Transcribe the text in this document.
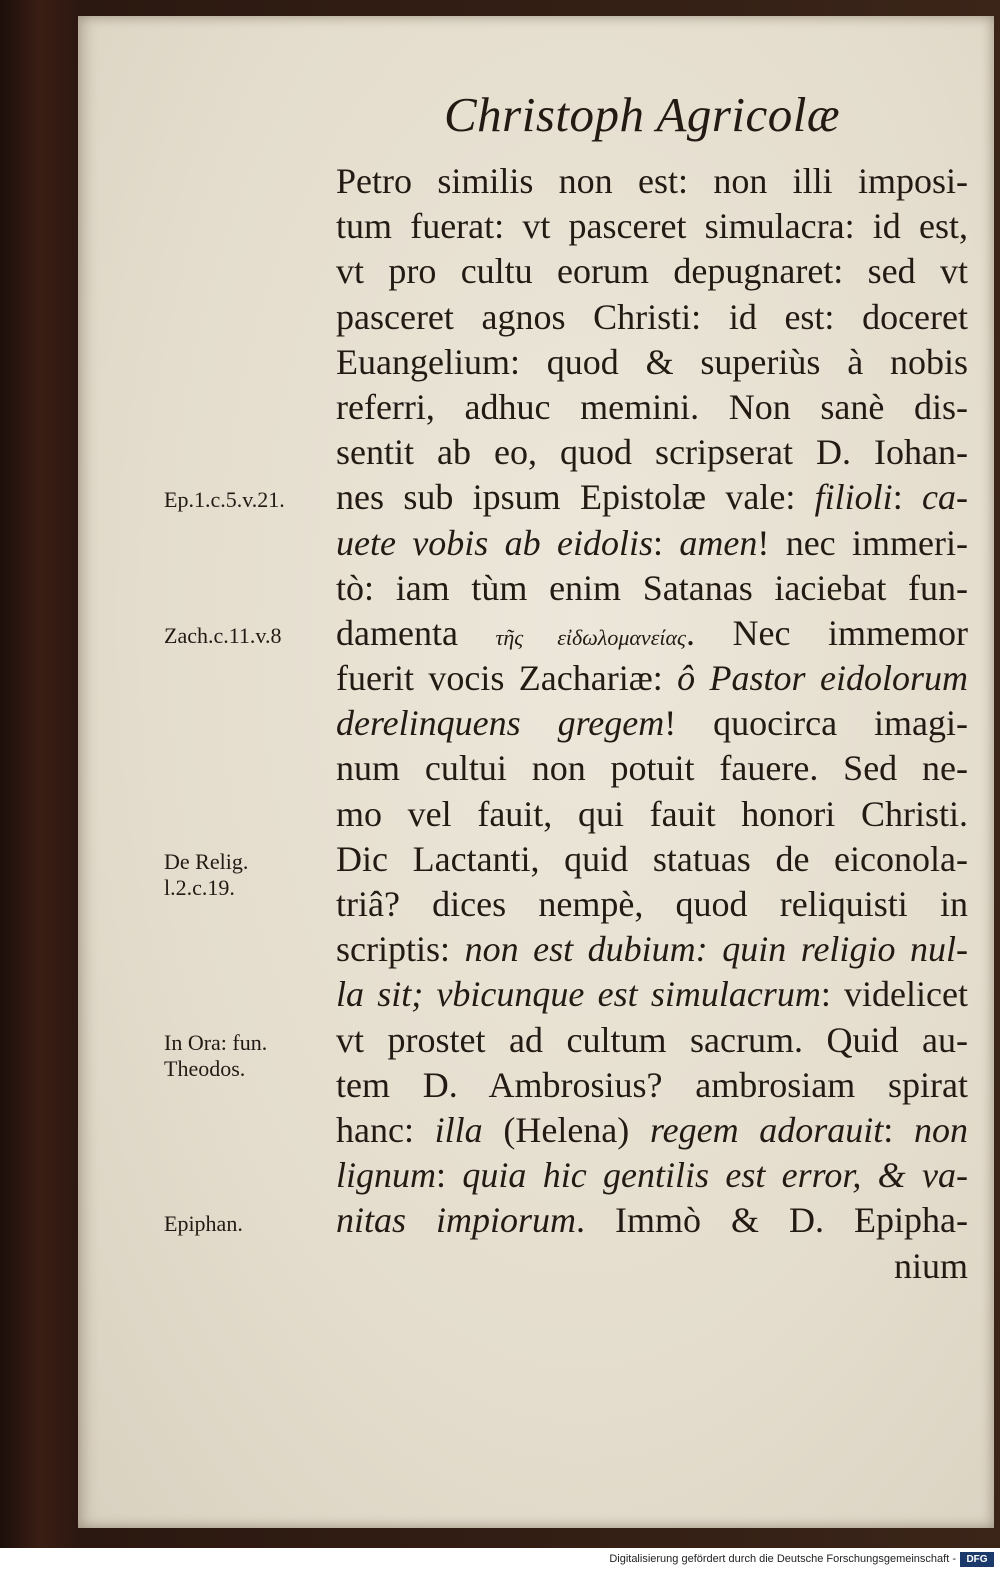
Christoph Agricolæ
Petro similis non est: non illi imposi-
tum fuerat: vt pasceret simulacra: id est,
vt pro cultu eorum depugnaret: sed vt
pasceret agnos Christi: id est: doceret
Euangelium: quod & superiùs à nobis
referri, adhuc memini. Non sanè dis-
sentit ab eo, quod scripserat D. Iohan-
nes sub ipsum Epistolæ vale: filioli: ca-
uete vobis ab eidolis: amen! nec immeri-
tò: iam tùm enim Satanas iaciebat fun-
damenta τῆς εἰδωλομανείας. Nec immemor
fuerit vocis Zachariæ: ô Pastor eidolorum
derelinquens gregem! quocirca imagi-
num cultui non potuit fauere. Sed ne-
mo vel fauit, qui fauit honori Christi.
Dic Lactanti, quid statuas de eiconola-
triâ? dices nempè, quod reliquisti in
scriptis: non est dubium: quin religio nul-
la sit; vbicunque est simulacrum: videlicet
vt prostet ad cultum sacrum. Quid au-
tem D. Ambrosius? ambrosiam spirat
hanc: illa (Helena) regem adorauit: non
lignum: quia hic gentilis est error, & va-
nitas impiorum. Immò & D. Epipha-
nium
Ep.1.c.5.v.21.
Zach.c.11.v.8
De Relig.
l.2.c.19.
In Ora: fun.
Theodos.
Epiphan.
Digitalisierung gefördert durch die Deutsche Forschungsgemeinschaft -	DFG
